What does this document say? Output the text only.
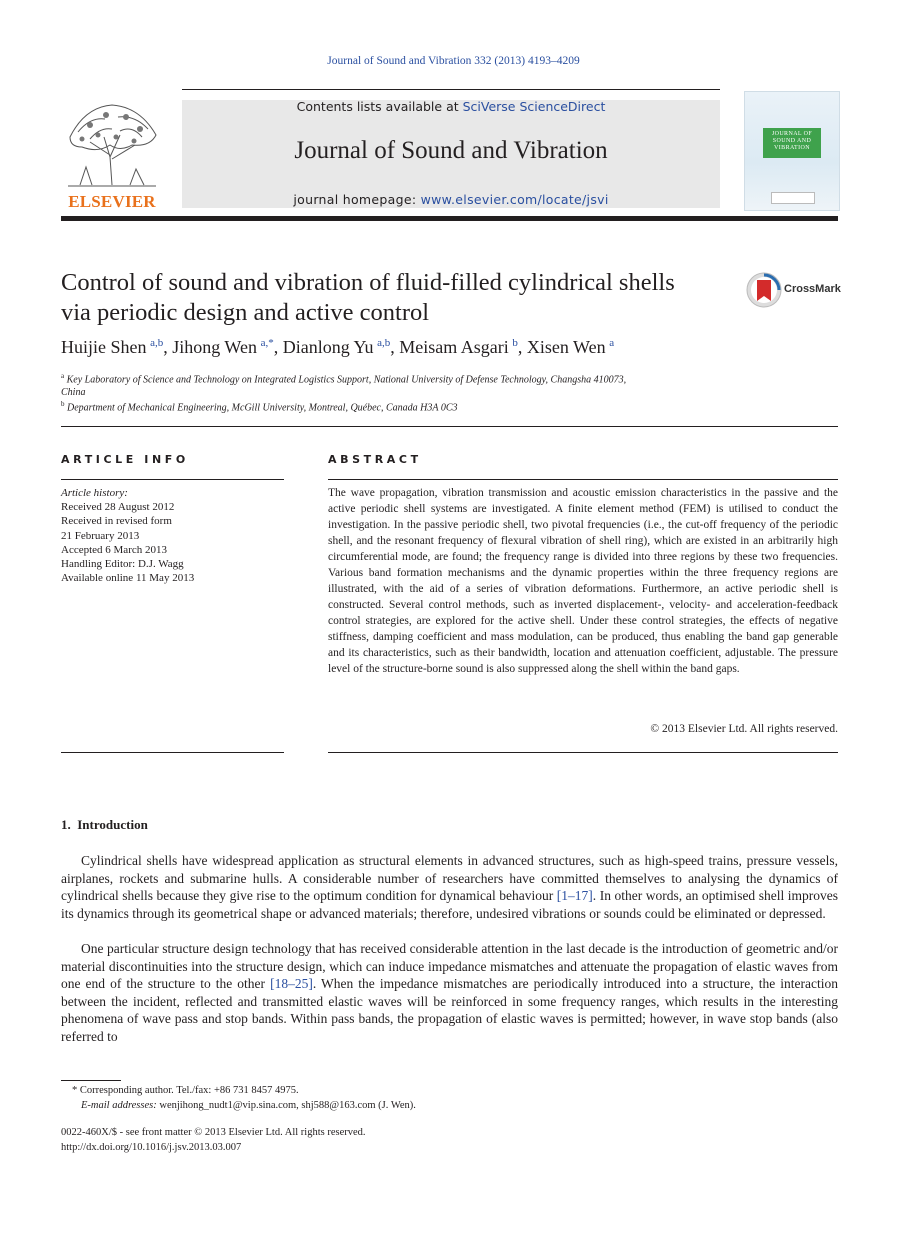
Journal of Sound and Vibration 332 (2013) 4193–4209
ELSEVIER
Contents lists available at SciVerse ScienceDirect
Journal of Sound and Vibration
journal homepage: www.elsevier.com/locate/jsvi
JOURNAL OF SOUND AND VIBRATION
Control of sound and vibration of fluid-filled cylindrical shells
via periodic design and active control
CrossMark
Huijie Shen $^{a,b}$, Jihong Wen $^{a,*}$, Dianlong Yu $^{a,b}$, Meisam Asgari $^b$, Xisen Wen $^a$
$^a$ Key Laboratory of Science and Technology on Integrated Logistics Support, National University of Defense Technology, Changsha 410073,
China
$^b$ Department of Mechanical Engineering, McGill University, Montreal, Québec, Canada H3A 0C3
ARTICLE INFO
Article history:
Received 28 August 2012
Received in revised form
21 February 2013
Accepted 6 March 2013
Handling Editor: D.J. Wagg
Available online 11 May 2013
ABSTRACT
The wave propagation, vibration transmission and acoustic emission characteristics in the passive and the active periodic shell systems are investigated. A finite element method (FEM) is utilised to conduct the investigation. In the passive periodic shell, two pivotal frequencies (i.e., the cut-off frequency of the periodic shell, and the resonant frequency of flexural vibration of shell ring), which are existed in an arbitrarily high circumferential mode, are found; the frequency range is divided into three regions by these two frequencies. Various band formation mechanisms and the dynamic properties within the three frequency regions are illustrated, with the aid of a series of vibration deformations. Furthermore, an active periodic shell is constructed. Several control methods, such as inverted displacement-, velocity- and acceleration-feedback control strategies, are explored for the active shell. Under these control strategies, the effects of negative stiffness, damping coefficient and mass modulation, can be produced, thus enabling the band gap generable and its characteristics, such as their bandwidth, location and attenuation coefficient, adjustable. The pressure level of the structure-borne sound is also suppressed along the shell within the band gaps.
© 2013 Elsevier Ltd. All rights reserved.
1. Introduction
Cylindrical shells have widespread application as structural elements in advanced structures, such as high-speed trains, pressure vessels, airplanes, rockets and submarine hulls. A considerable number of researchers have committed themselves to analysing the dynamics of cylindrical shells because they give rise to the optimum condition for dynamical behaviour [1–17]. In other words, an optimised shell improves its dynamics through its geometrical shape or advanced materials; therefore, undesired vibrations or sounds could be eliminated or depressed.
One particular structure design technology that has received considerable attention in the last decade is the introduction of geometric and/or material discontinuities into the structure design, which can induce impedance mismatches and attenuate the propagation of elastic waves from one end of the structure to the other [18–25]. When the impedance mismatches are periodically introduced into a structure, the interaction between the incident, reflected and transmitted elastic waves will be reinforced in some frequency ranges, which results in the interesting phenomena of wave pass and stop bands. Within pass bands, the propagation of elastic waves is permitted; however, in wave stop bands (also referred to
* Corresponding author. Tel./fax: +86 731 8457 4975.
E-mail addresses: wenjihong_nudt1@vip.sina.com, shj588@163.com (J. Wen).
0022-460X/$ - see front matter © 2013 Elsevier Ltd. All rights reserved.
http://dx.doi.org/10.1016/j.jsv.2013.03.007
